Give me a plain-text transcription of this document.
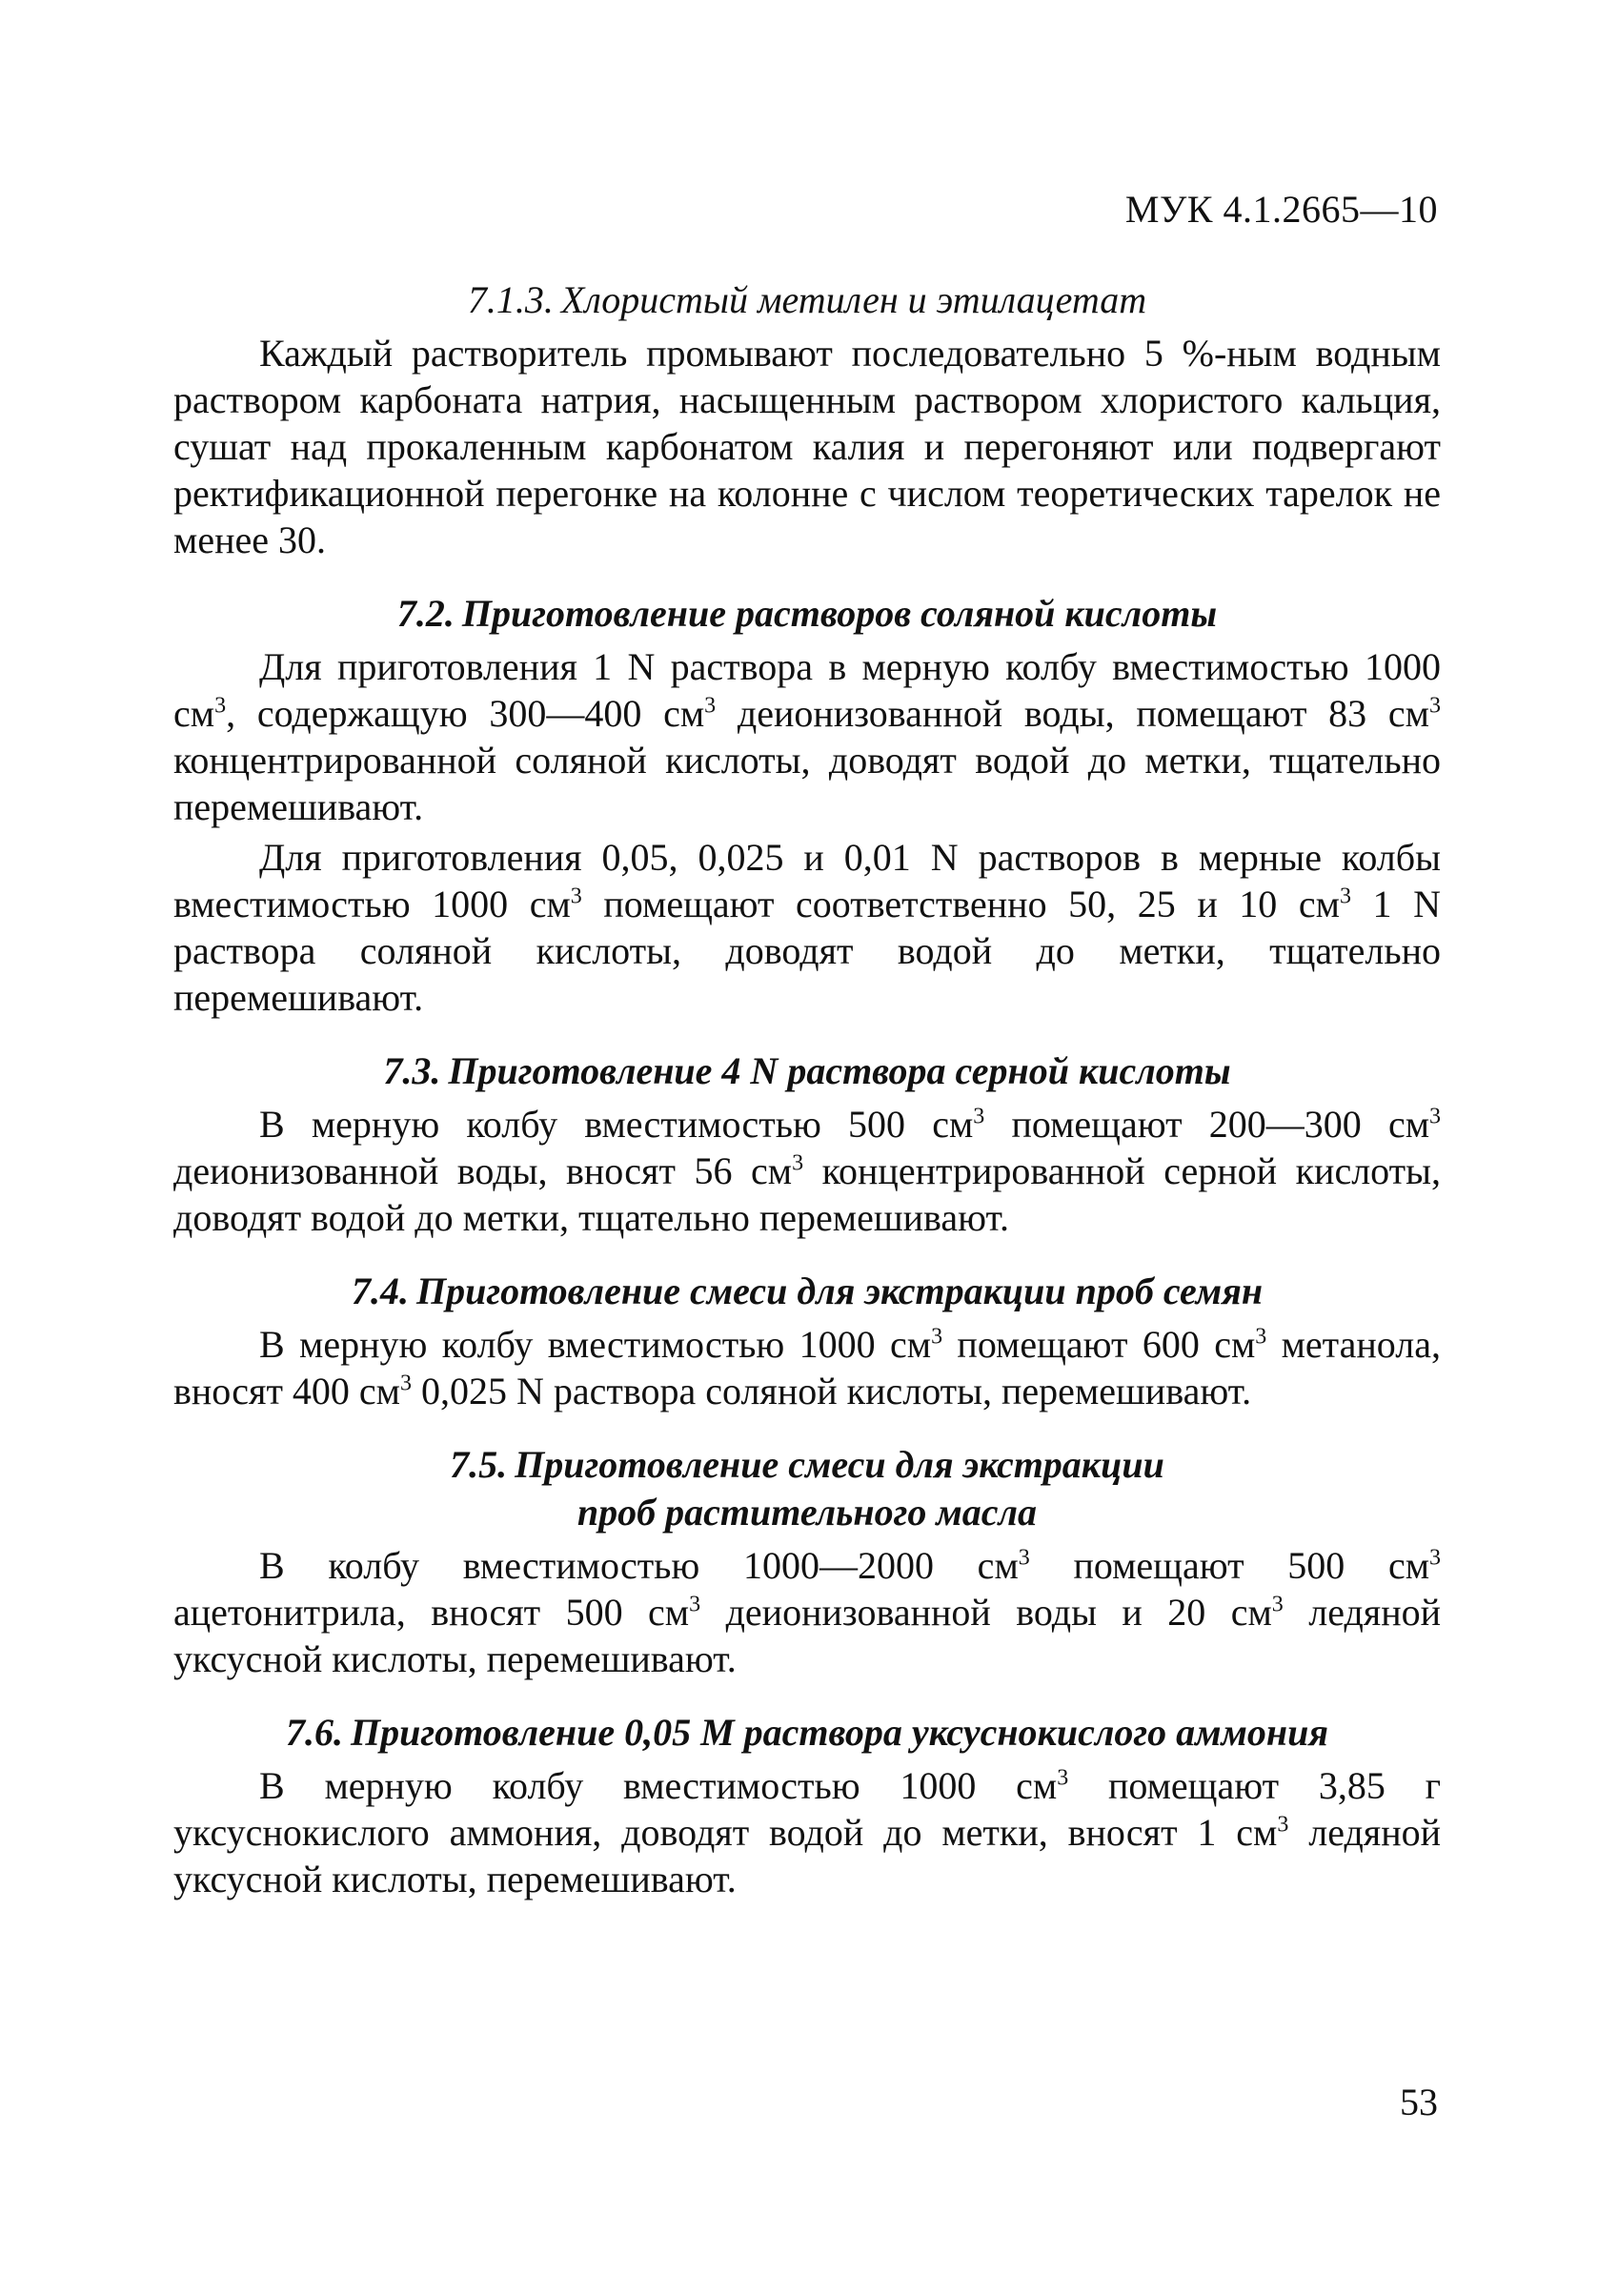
МУК 4.1.2665—10
7.1.3. Хлористый метилен и этилацетат

Каждый растворитель промывают последовательно 5 %-ным водным раствором карбоната натрия, насыщенным раствором хлористого кальция, сушат над прокаленным карбонатом калия и перегоняют или подвергают ректификационной перегонке на колонне с числом теоретических тарелок не менее 30.

7.2. Приготовление растворов соляной кислоты

Для приготовления 1 N раствора в мерную колбу вместимостью 1000 $см^3$, содержащую 300—400 $см^3$ деионизованной воды, помещают 83 $см^3$ концентрированной соляной кислоты, доводят водой до метки, тщательно перемешивают.

Для приготовления 0,05, 0,025 и 0,01 N растворов в мерные колбы вместимостью 1000 $см^3$ помещают соответственно 50, 25 и 10 $см^3$ 1 N раствора соляной кислоты, доводят водой до метки, тщательно перемешивают.

7.3. Приготовление 4 N раствора серной кислоты

В мерную колбу вместимостью 500 $см^3$ помещают 200––300 $см^3$ деионизованной воды, вносят 56 $см^3$ концентрированной серной кислоты, доводят водой до метки, тщательно перемешивают.

7.4. Приготовление смеси для экстракции проб семян

В мерную колбу вместимостью 1000 $см^3$ помещают 600 $см^3$ метанола, вносят 400 $см^3$ 0,025 N раствора соляной кислоты, перемешивают.

7.5. Приготовление смеси для экстракции проб растительного масла

В колбу вместимостью 1000—2000 $см^3$ помещают 500 $см^3$ ацетонитрила, вносят 500 $см^3$ деионизованной воды и 20 $см^3$ ледяной уксусной кислоты, перемешивают.

7.6. Приготовление 0,05 М раствора уксуснокислого аммония

В мерную колбу вместимостью 1000 $см^3$ помещают 3,85 г уксуснокислого аммония, доводят водой до метки, вносят 1 $см^3$ ледяной уксусной кислоты, перемешивают.

53
